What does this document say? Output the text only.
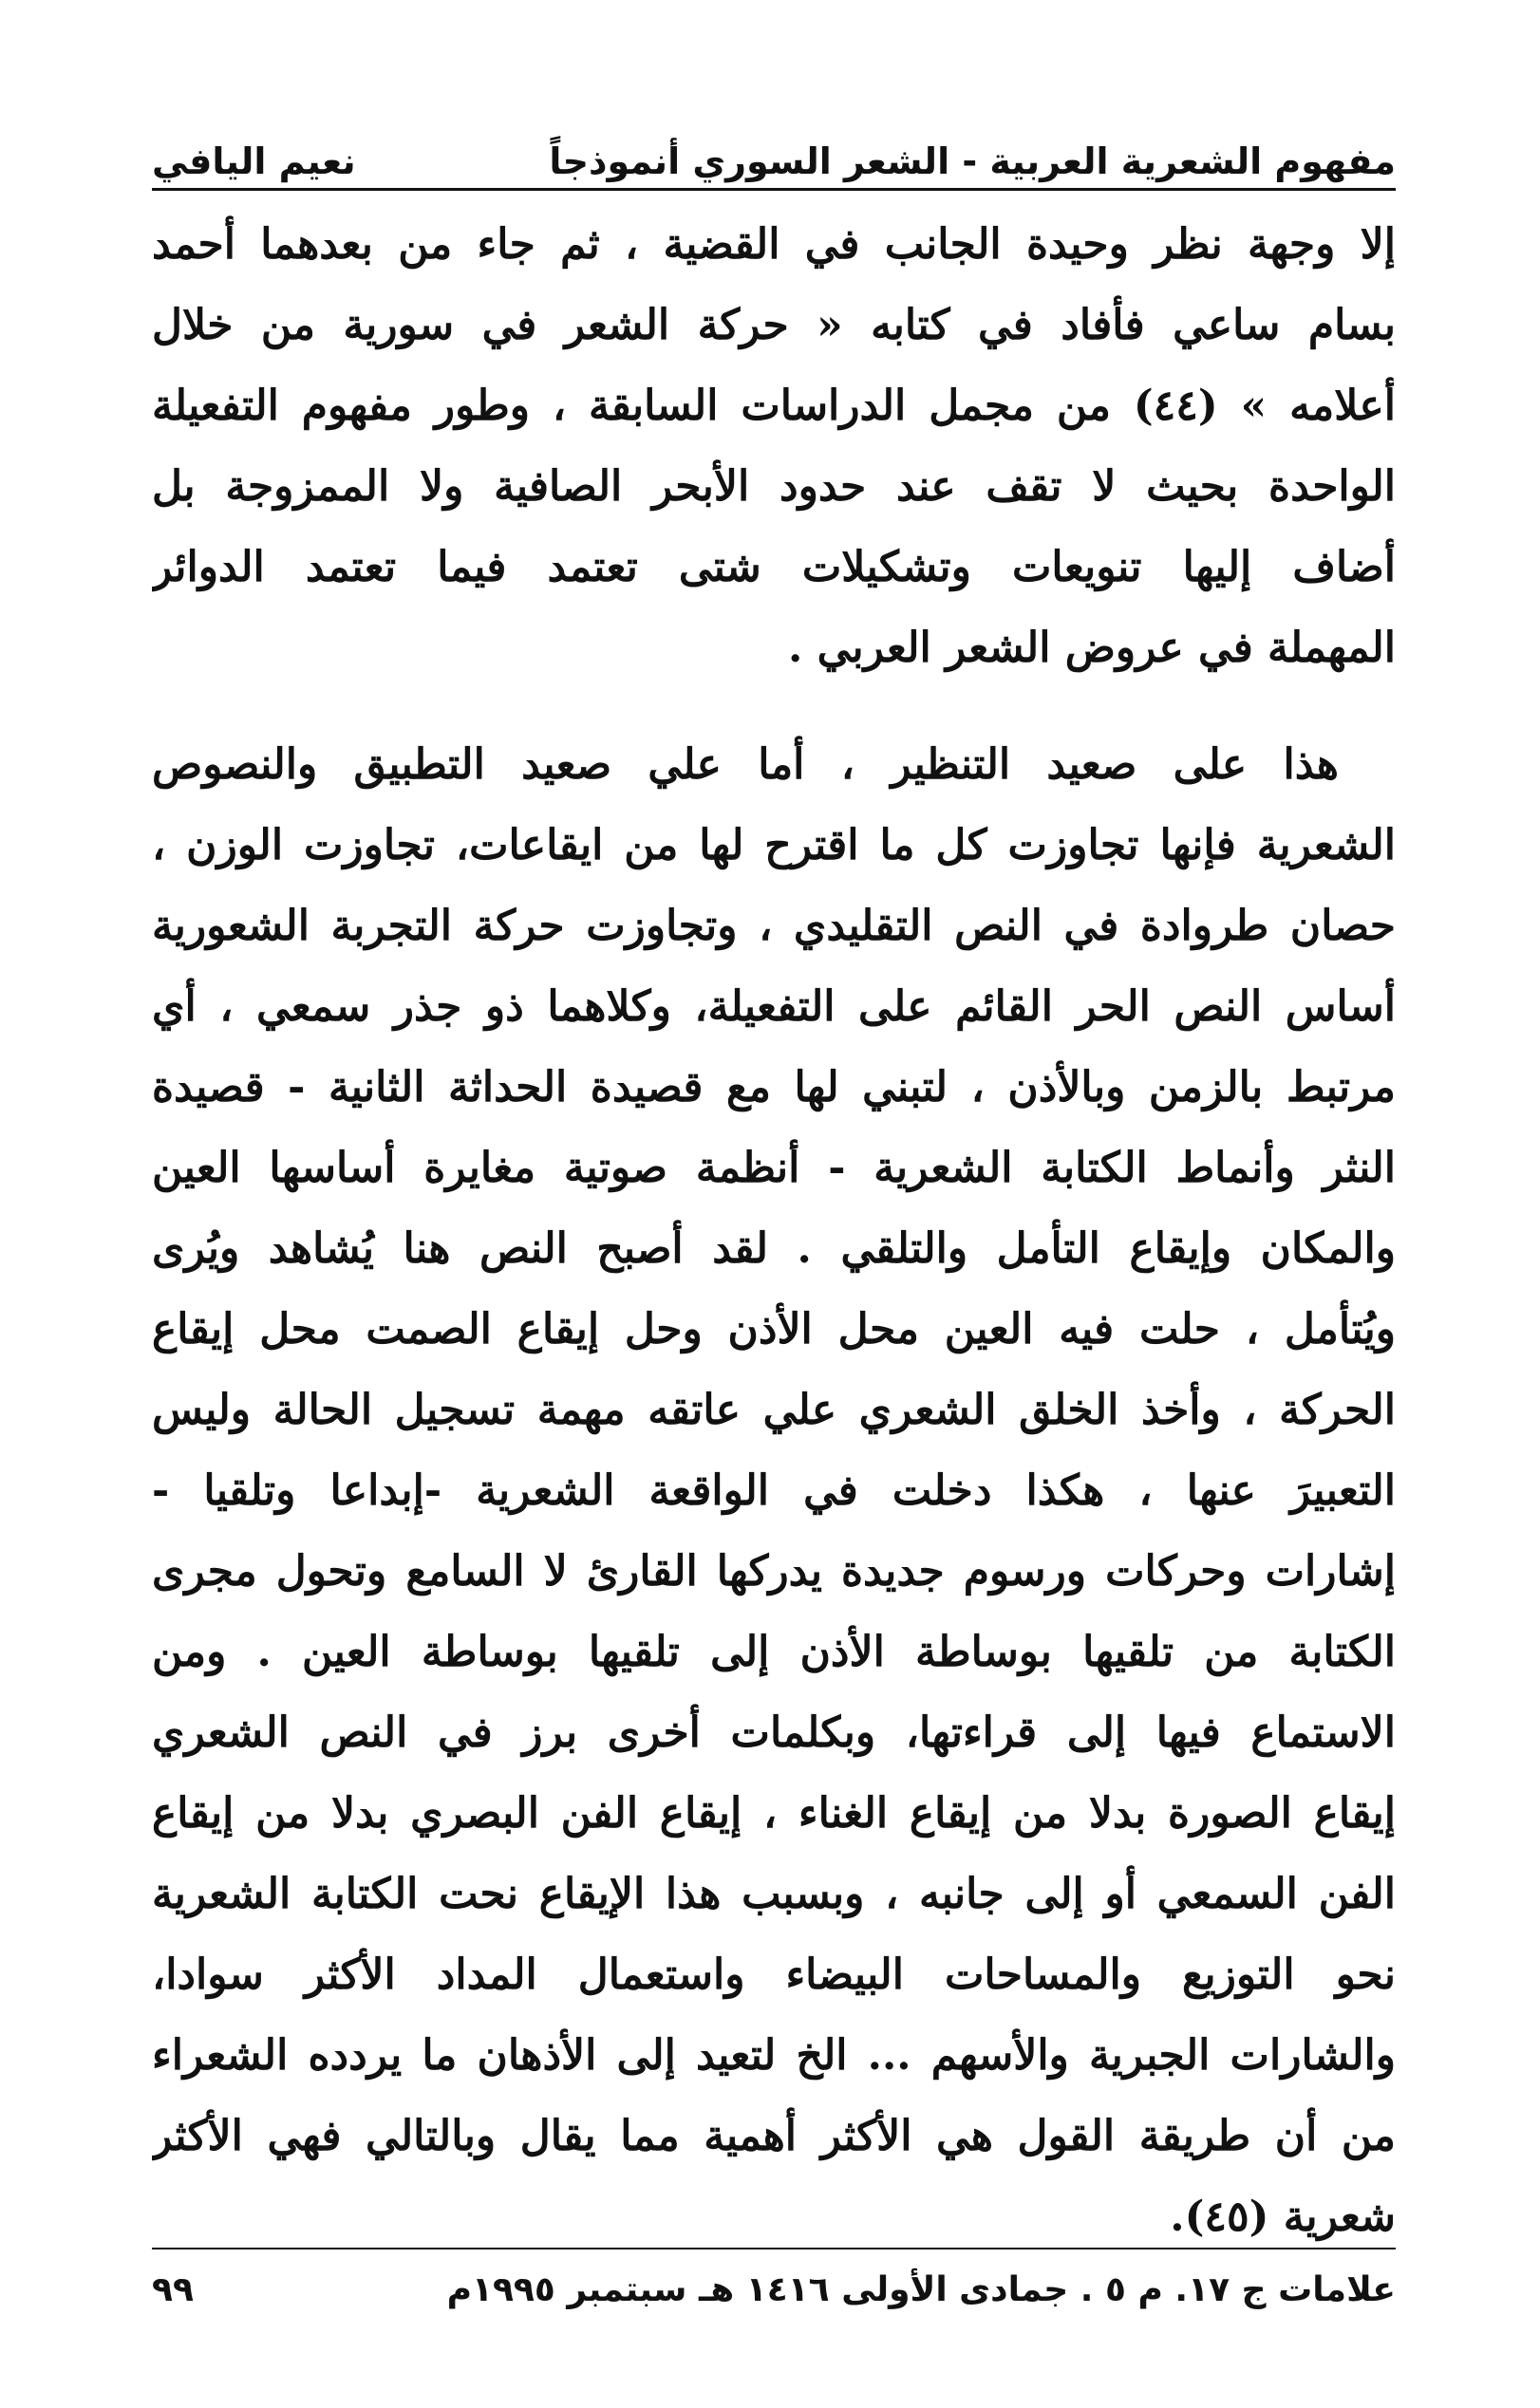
مفهوم الشعرية العربية - الشعر السوري أنموذجاً
نعيم اليافي
إلا وجهة نظر وحيدة الجانب في القضية ، ثم جاء من بعدهما أحمد
بسام ساعي فأفاد في كتابه « حركة الشعر في سورية من خلال
أعلامه » (٤٤) من مجمل الدراسات السابقة ، وطور مفهوم التفعيلة
الواحدة بحيث لا تقف عند حدود الأبحر الصافية ولا الممزوجة بل
أضاف إليها تنويعات وتشكيلات شتى تعتمد فيما تعتمد الدوائر
المهملة في عروض الشعر العربي .
هذا على صعيد التنظير ، أما علي صعيد التطبيق والنصوص
الشعرية فإنها تجاوزت كل ما اقترح لها من ايقاعات، تجاوزت الوزن ،
حصان طروادة في النص التقليدي ، وتجاوزت حركة التجربة الشعورية
أساس النص الحر القائم على التفعيلة، وكلاهما ذو جذر سمعي ، أي
مرتبط بالزمن وبالأذن ، لتبني لها مع قصيدة الحداثة الثانية - قصيدة
النثر وأنماط الكتابة الشعرية - أنظمة صوتية مغايرة أساسها العين
والمكان وإيقاع التأمل والتلقي . لقد أصبح النص هنا يُشاهد ويُرى
ويُتأمل ، حلت فيه العين محل الأذن وحل إيقاع الصمت محل إيقاع
الحركة ، وأخذ الخلق الشعري علي عاتقه مهمة تسجيل الحالة وليس
التعبيرَ عنها ، هكذا دخلت في الواقعة الشعرية -إبداعا وتلقيا -
إشارات وحركات ورسوم جديدة يدركها القارئ لا السامع وتحول مجرى
الكتابة من تلقيها بوساطة الأذن إلى تلقيها بوساطة العين . ومن
الاستماع فيها إلى قراءتها، وبكلمات أخرى برز في النص الشعري
إيقاع الصورة بدلا من إيقاع الغناء ، إيقاع الفن البصري بدلا من إيقاع
الفن السمعي أو إلى جانبه ، وبسبب هذا الإيقاع نحت الكتابة الشعرية
نحو التوزيع والمساحات البيضاء واستعمال المداد الأكثر سوادا،
والشارات الجبرية والأسهم ... الخ لتعيد إلى الأذهان ما يردده الشعراء
من أن طريقة القول هي الأكثر أهمية مما يقال وبالتالي فهي الأكثر
شعرية (٤٥).
علامات ج ١٧. م ٥ . جمادى الأولى ١٤١٦ هـ سبتمبر ١٩٩٥م
٩٩
